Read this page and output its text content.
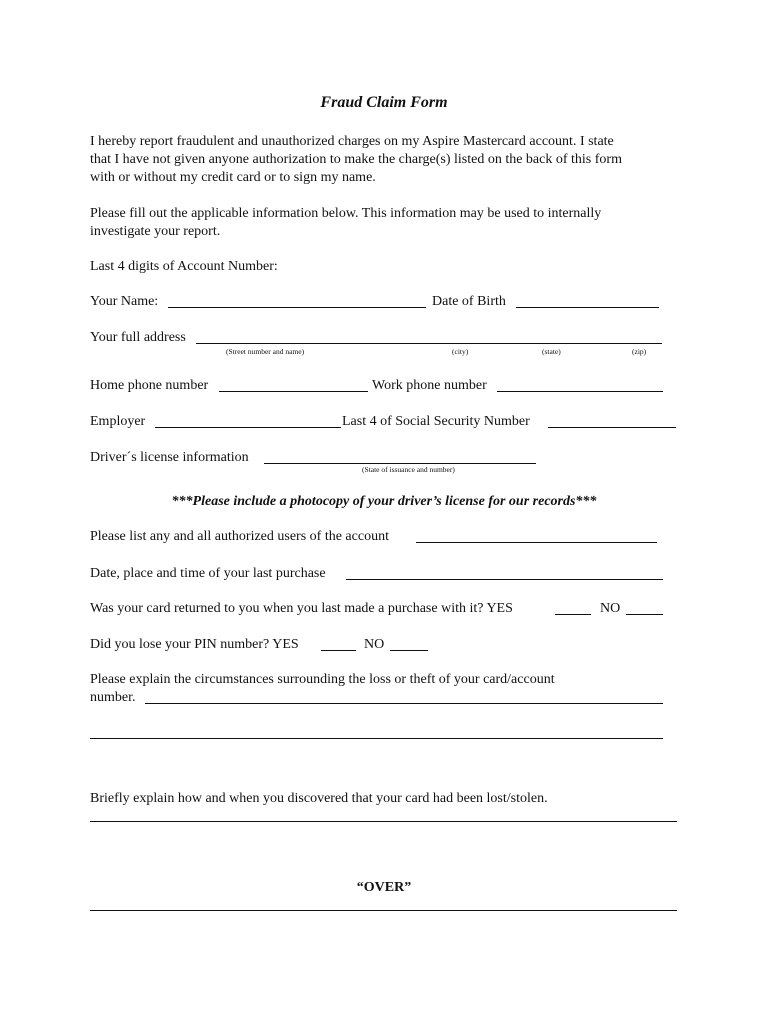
Fraud Claim Form
I hereby report fraudulent and unauthorized charges on my Aspire Mastercard account. I state
that I have not given anyone authorization to make the charge(s) listed on the back of this form
with or without my credit card or to sign my name.
Please fill out the applicable information below. This information may be used to internally
investigate your report.
Last 4 digits of Account Number:
Your Name:	Date of Birth
Your full address
(Street number and name)	(city)	(state)	(zip)
Home phone number	Work phone number
Employer	Last 4 of Social Security Number
Driver´s license information
(State of issuance and number)
***Please include a photocopy of your driver’s license for our records***
Please list any and all authorized users of the account
Date, place and time of your last purchase
Was your card returned to you when you last made a purchase with it? YES	NO
Did you lose your PIN number? YES	NO
Please explain the circumstances surrounding the loss or theft of your card/account
number.
Briefly explain how and when you discovered that your card had been lost/stolen.
“OVER”
